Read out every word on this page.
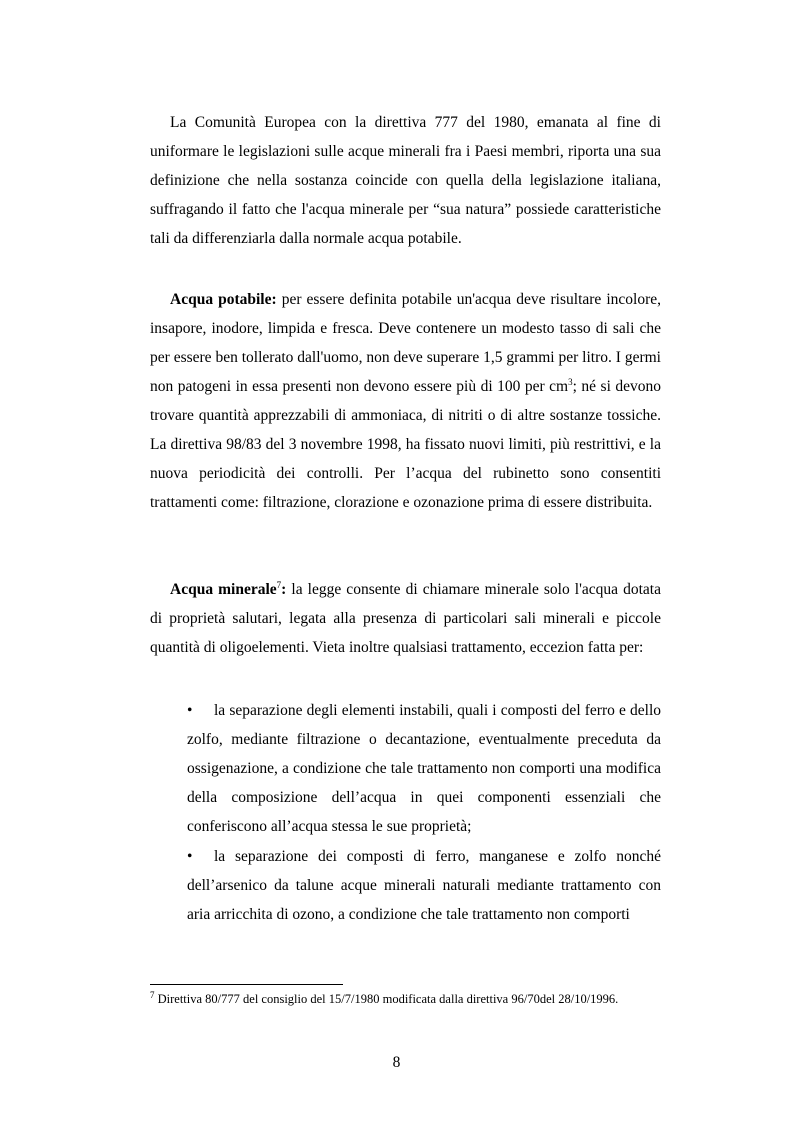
La Comunità Europea con la direttiva 777 del 1980, emanata al fine di uniformare le legislazioni sulle acque minerali fra i Paesi membri, riporta una sua definizione che nella sostanza coincide con quella della legislazione italiana, suffragando il fatto che l'acqua minerale per “sua natura” possiede caratteristiche tali da differenziarla dalla normale acqua potabile.

Acqua potabile: per essere definita potabile un'acqua deve risultare incolore, insapore, inodore, limpida e fresca. Deve contenere un modesto tasso di sali che per essere ben tollerato dall'uomo, non deve superare 1,5 grammi per litro. I germi non patogeni in essa presenti non devono essere più di 100 per $cm^3$; né si devono trovare quantità apprezzabili di ammoniaca, di nitriti o di altre sostanze tossiche. La direttiva 98/83 del 3 novembre 1998, ha fissato nuovi limiti, più restrittivi, e la nuova periodicità dei controlli. Per l’acqua del rubinetto sono consentiti trattamenti come: filtrazione, clorazione e ozonazione prima di essere distribuita.

Acqua minerale$^7$: la legge consente di chiamare minerale solo l'acqua dotata di proprietà salutari, legata alla presenza di particolari sali minerali e piccole quantità di oligoelementi. Vieta inoltre qualsiasi trattamento, eccezion fatta per:

• la separazione degli elementi instabili, quali i composti del ferro e dello zolfo, mediante filtrazione o decantazione, eventualmente preceduta da ossigenazione, a condizione che tale trattamento non comporti una modifica della composizione dell’acqua in quei componenti essenziali che conferiscono all’acqua stessa le sue proprietà;

• la separazione dei composti di ferro, manganese e zolfo nonché dell’arsenico da talune acque minerali naturali mediante trattamento con aria arricchita di ozono, a condizione che tale trattamento non comporti

$^7$ Direttiva 80/777 del consiglio del 15/7/1980 modificata dalla direttiva 96/70del 28/10/1996.

8
